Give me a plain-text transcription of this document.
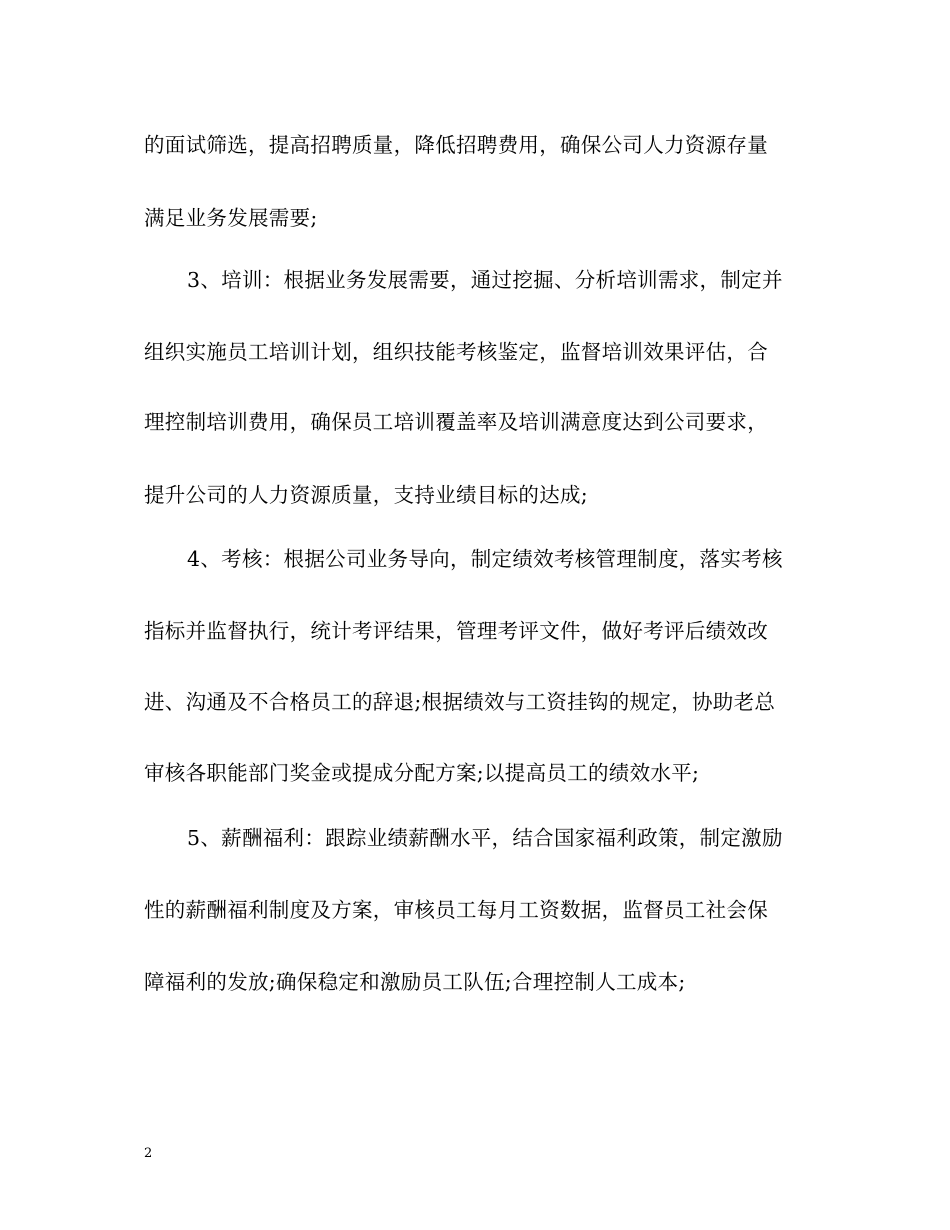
的面试筛选，提高招聘质量，降低招聘费用，确保公司人力资源存量
满足业务发展需要;
3、培训：根据业务发展需要，通过挖掘、分析培训需求，制定并
组织实施员工培训计划，组织技能考核鉴定，监督培训效果评估，合
理控制培训费用，确保员工培训覆盖率及培训满意度达到公司要求，
提升公司的人力资源质量，支持业绩目标的达成;
4、考核：根据公司业务导向，制定绩效考核管理制度，落实考核
指标并监督执行，统计考评结果，管理考评文件，做好考评后绩效改
进、沟通及不合格员工的辞退;根据绩效与工资挂钩的规定，协助老总
审核各职能部门奖金或提成分配方案;以提高员工的绩效水平;
5、薪酬福利：跟踪业绩薪酬水平，结合国家福利政策，制定激励
性的薪酬福利制度及方案，审核员工每月工资数据，监督员工社会保
障福利的发放;确保稳定和激励员工队伍;合理控制人工成本;
2
